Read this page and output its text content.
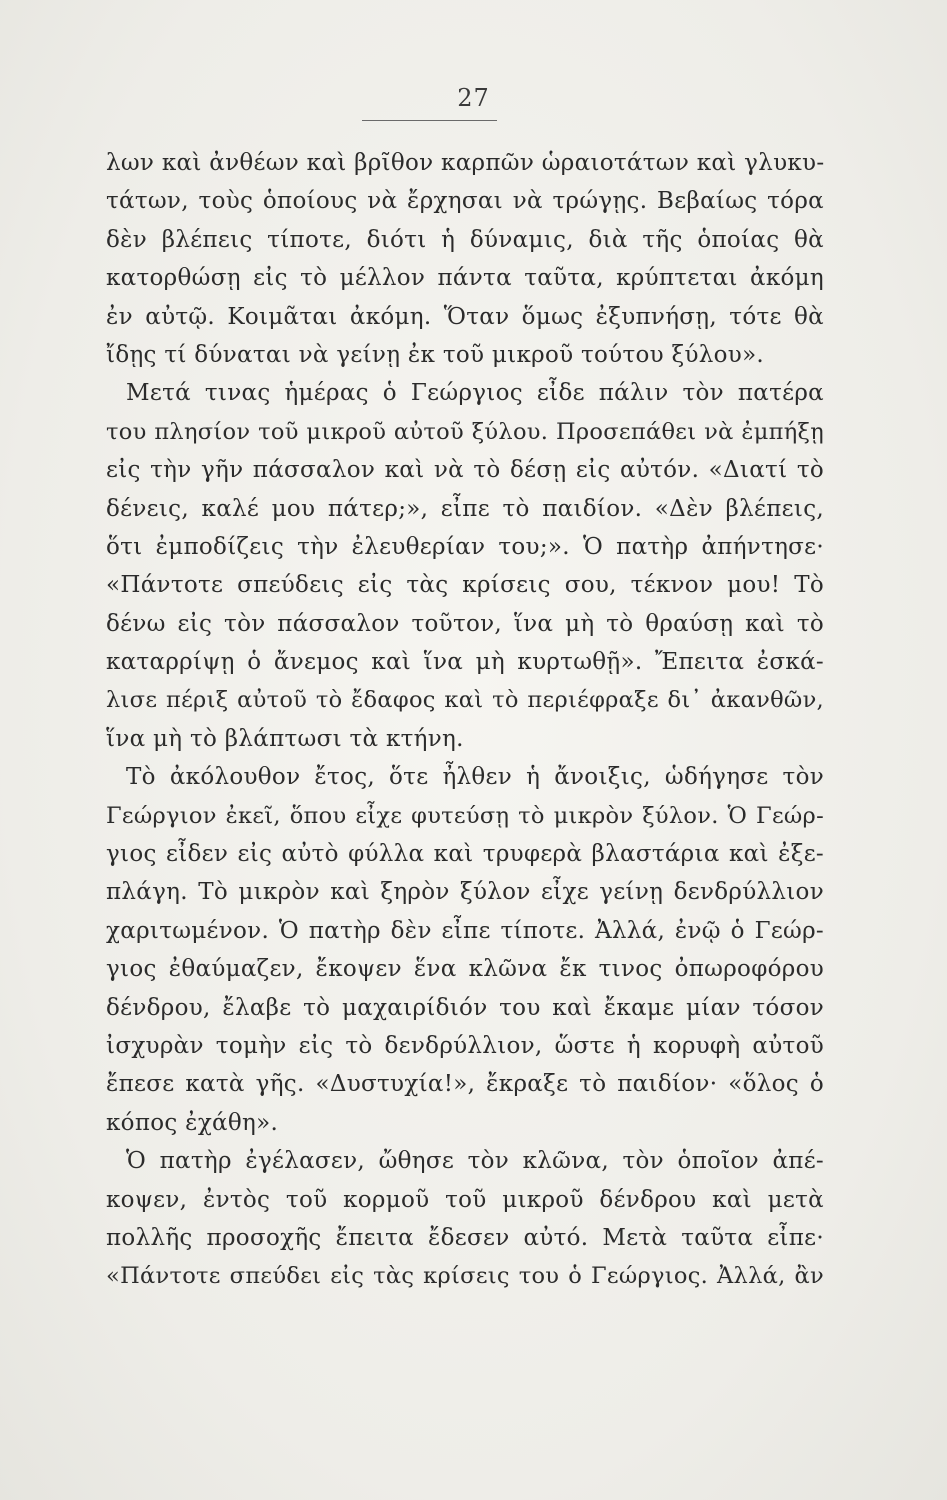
27
λων καὶ ἀνθέων καὶ βρῖθον καρπῶν ὡραιοτάτων καὶ γλυκυ-
τάτων, τοὺς ὁποίους νὰ ἔρχησαι νὰ τρώγῃς. Βεβαίως τόρα
δὲν βλέπεις τίποτε, διότι ἡ δύναμις, διὰ τῆς ὁποίας θὰ
κατορθώσῃ εἰς τὸ μέλλον πάντα ταῦτα, κρύπτεται ἀκόμη
ἐν αὐτῷ. Κοιμᾶται ἀκόμη. Ὅταν ὅμως ἐξυπνήσῃ, τότε θὰ
ἴδῃς τί δύναται νὰ γείνῃ ἐκ τοῦ μικροῦ τούτου ξύλου».
Μετά τινας ἡμέρας ὁ Γεώργιος εἶδε πάλιν τὸν πατέρα
του πλησίον τοῦ μικροῦ αὐτοῦ ξύλου. Προσεπάθει νὰ ἐμπήξῃ
εἰς τὴν γῆν πάσσαλον καὶ νὰ τὸ δέσῃ εἰς αὐτόν. «Διατί τὸ
δένεις, καλέ μου πάτερ;», εἶπε τὸ παιδίον. «Δὲν βλέπεις,
ὅτι ἐμποδίζεις τὴν ἐλευθερίαν του;». Ὁ πατὴρ ἀπήντησε·
«Πάντοτε σπεύδεις εἰς τὰς κρίσεις σου, τέκνον μου! Τὸ
δένω εἰς τὸν πάσσαλον τοῦτον, ἵνα μὴ τὸ θραύσῃ καὶ τὸ
καταρρίψῃ ὁ ἄνεμος καὶ ἵνα μὴ κυρτωθῇ». Ἔπειτα ἐσκά-
λισε πέριξ αὐτοῦ τὸ ἔδαφος καὶ τὸ περιέφραξε δι᾽ ἀκανθῶν,
ἵνα μὴ τὸ βλάπτωσι τὰ κτήνη.
Τὸ ἀκόλουθον ἔτος, ὅτε ἦλθεν ἡ ἄνοιξις, ὡδήγησε τὸν
Γεώργιον ἐκεῖ, ὅπου εἶχε φυτεύσῃ τὸ μικρὸν ξύλον. Ὁ Γεώρ-
γιος εἶδεν εἰς αὐτὸ φύλλα καὶ τρυφερὰ βλαστάρια καὶ ἐξε-
πλάγη. Τὸ μικρὸν καὶ ξηρὸν ξύλον εἶχε γείνῃ δενδρύλλιον
χαριτωμένον. Ὁ πατὴρ δὲν εἶπε τίποτε. Ἀλλά, ἐνῷ ὁ Γεώρ-
γιος ἐθαύμαζεν, ἔκοψεν ἕνα κλῶνα ἔκ τινος ὀπωροφόρου
δένδρου, ἔλαβε τὸ μαχαιρίδιόν του καὶ ἔκαμε μίαν τόσον
ἰσχυρὰν τομὴν εἰς τὸ δενδρύλλιον, ὥστε ἡ κορυφὴ αὐτοῦ
ἔπεσε κατὰ γῆς. «Δυστυχία!», ἔκραξε τὸ παιδίον· «ὅλος ὁ
κόπος ἐχάθη».
Ὁ πατὴρ ἐγέλασεν, ὤθησε τὸν κλῶνα, τὸν ὁποῖον ἀπέ-
κοψεν, ἐντὸς τοῦ κορμοῦ τοῦ μικροῦ δένδρου καὶ μετὰ
πολλῆς προσοχῆς ἔπειτα ἔδεσεν αὐτό. Μετὰ ταῦτα εἶπε·
«Πάντοτε σπεύδει εἰς τὰς κρίσεις του ὁ Γεώργιος. Ἀλλά, ἂν
